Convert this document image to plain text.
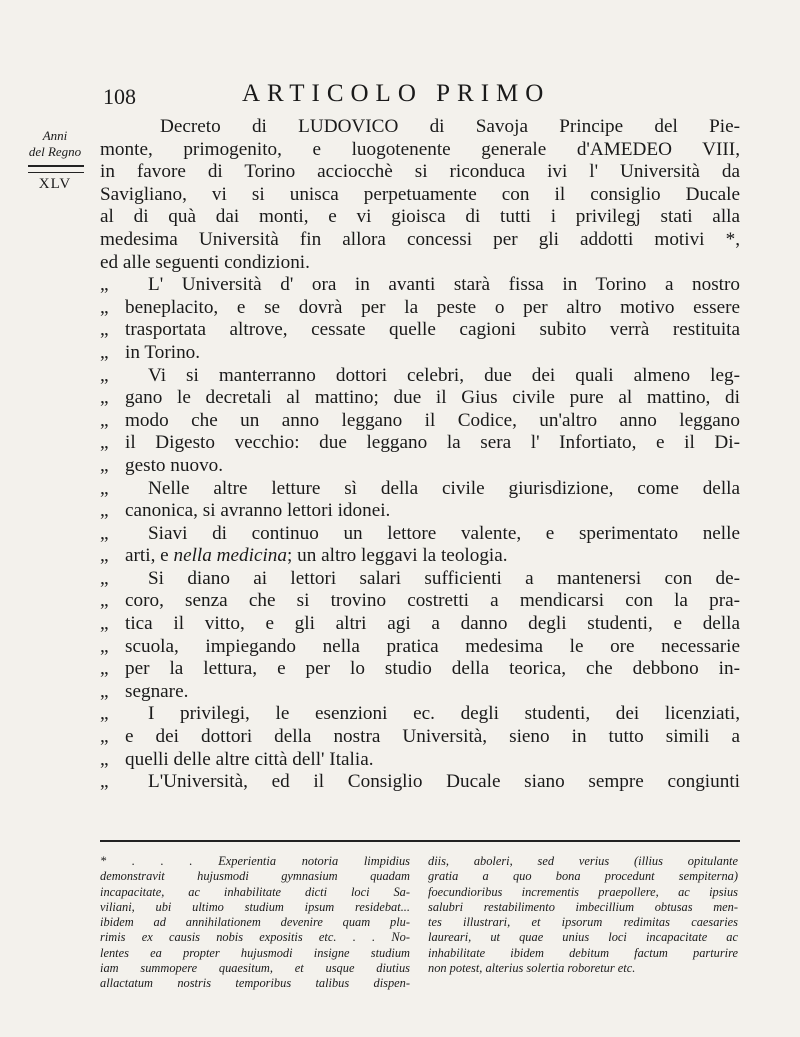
108	ARTICOLO PRIMO
Anni
del Regno
XLV
Decreto di LUDOVICO di Savoja Principe del Pie-
monte, primogenito, e luogotenente generale d'AMEDEO VIII,
in favore di Torino acciocchè si riconduca ivi l' Università da
Savigliano, vi si unisca perpetuamente con il consiglio Ducale
al di quà dai monti, e vi gioisca di tutti i privilegj stati alla
medesima Università fin allora concessi per gli addotti motivi *,
ed alle seguenti condizioni.
„	L' Università d' ora in avanti starà fissa in Torino a nostro
„ beneplacito, e se dovrà per la peste o per altro motivo essere
„ trasportata altrove, cessate quelle cagioni subito verrà restituita
„ in Torino.
„	Vi si manterranno dottori celebri, due dei quali almeno leg-
„ gano le decretali al mattino; due il Gius civile pure al mattino, di
„ modo che un anno leggano il Codice, un'altro anno leggano
„ il Digesto vecchio: due leggano la sera l' Infortiato, e il Di-
„ gesto nuovo.
„	Nelle altre letture sì della civile giurisdizione, come della
„ canonica, si avranno lettori idonei.
„	Siavi di continuo un lettore valente, e sperimentato nelle
„ arti, e nella medicina; un altro leggavi la teologia.
„	Si diano ai lettori salari sufficienti a mantenersi con de-
„ coro, senza che si trovino costretti a mendicarsi con la pra-
„ tica il vitto, e gli altri agi a danno degli studenti, e della
„ scuola, impiegando nella pratica medesima le ore necessarie
„ per la lettura, e per lo studio della teorica, che debbono in-
„ segnare.
„	I privilegi, le esenzioni ec. degli studenti, dei licenziati,
„ e dei dottori della nostra Università, sieno in tutto simili a
„ quelli delle altre città dell' Italia.
„	L'Università, ed il Consiglio Ducale siano sempre congiunti
* . . . Experientia notoria limpidius
demonstravit hujusmodi gymnasium quadam
incapacitate, ac inhabilitate dicti loci Sa-
viliani, ubi ultimo studium ipsum residebat...
ibidem ad annihilationem devenire quam plu-
rimis ex causis nobis expositis etc. . . No-
lentes ea propter hujusmodi insigne studium
iam summopere quaesitum, et usque diutius
allactatum nostris temporibus talibus dispen-
diis, aboleri, sed verius (illius opitulante
gratia a quo bona procedunt sempiterna)
foecundioribus incrementis praepollere, ac ipsius
salubri restabilimento imbecillium obtusas men-
tes illustrari, et ipsorum redimitas caesaries
laureari, ut quae unius loci incapacitate ac
inhabilitate ibidem debitum factum parturire
non potest, alterius solertia roboretur etc.
